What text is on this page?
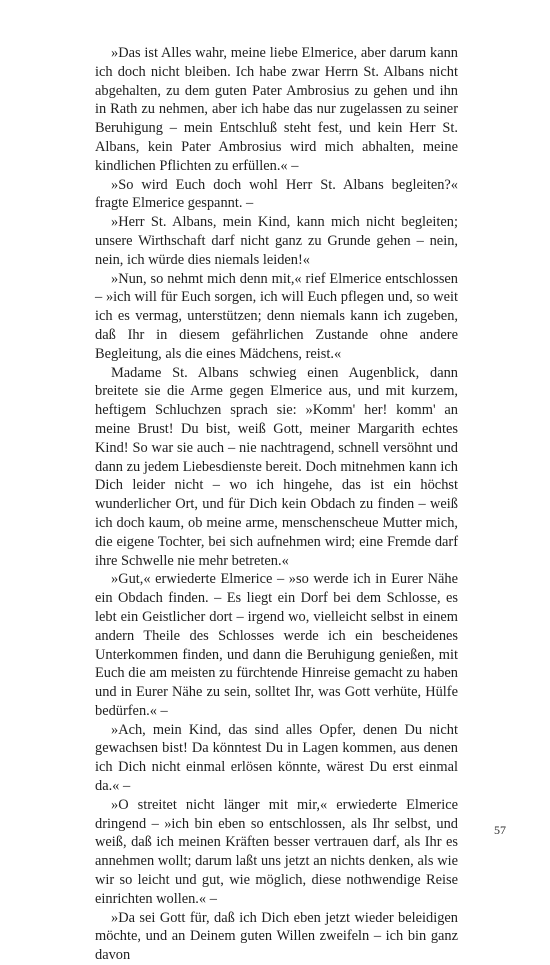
»Das ist Alles wahr, meine liebe Elmerice, aber darum kann ich doch nicht bleiben. Ich habe zwar Herrn St. Albans nicht abgehalten, zu dem guten Pater Ambrosius zu gehen und ihn in Rath zu nehmen, aber ich habe das nur zugelassen zu seiner Beruhigung – mein Entschluß steht fest, und kein Herr St. Albans, kein Pater Ambrosius wird mich abhalten, meine kindlichen Pflichten zu erfüllen.« –

»So wird Euch doch wohl Herr St. Albans begleiten?« fragte Elmerice gespannt. –

»Herr St. Albans, mein Kind, kann mich nicht begleiten; unsere Wirthschaft darf nicht ganz zu Grunde gehen – nein, nein, ich würde dies niemals leiden!«

»Nun, so nehmt mich denn mit,« rief Elmerice entschlossen – »ich will für Euch sorgen, ich will Euch pflegen und, so weit ich es vermag, unterstützen; denn niemals kann ich zugeben, daß Ihr in diesem gefährlichen Zustande ohne andere Begleitung, als die eines Mädchens, reist.«

Madame St. Albans schwieg einen Augenblick, dann breitete sie die Arme gegen Elmerice aus, und mit kurzem, heftigem Schluchzen sprach sie: »Komm' her! komm' an meine Brust! Du bist, weiß Gott, meiner Margarith echtes Kind! So war sie auch – nie nachtragend, schnell versöhnt und dann zu jedem Liebesdienste bereit. Doch mitnehmen kann ich Dich leider nicht – wo ich hingehe, das ist ein höchst wunderlicher Ort, und für Dich kein Obdach zu finden – weiß ich doch kaum, ob meine arme, menschenscheue Mutter mich, die eigene Tochter, bei sich aufnehmen wird; eine Fremde darf ihre Schwelle nie mehr betreten.«

»Gut,« erwiederte Elmerice – »so werde ich in Eurer Nähe ein Obdach finden. – Es liegt ein Dorf bei dem Schlosse, es lebt ein Geistlicher dort – irgend wo, vielleicht selbst in einem andern Theile des Schlosses werde ich ein bescheidenes Unterkommen finden, und dann die Beruhigung genießen, mit Euch die am meisten zu fürchtende Hinreise gemacht zu haben und in Eurer Nähe zu sein, solltet Ihr, was Gott verhüte, Hülfe bedürfen.« –

»Ach, mein Kind, das sind alles Opfer, denen Du nicht gewachsen bist! Da könntest Du in Lagen kommen, aus denen ich Dich nicht einmal erlösen könnte, wärest Du erst einmal da.« –

»O streitet nicht länger mit mir,« erwiederte Elmerice dringend – »ich bin eben so entschlossen, als Ihr selbst, und weiß, daß ich meinen Kräften besser vertrauen darf, als Ihr es annehmen wollt; darum laßt uns jetzt an nichts denken, als wie wir so leicht und gut, wie möglich, diese nothwendige Reise einrichten wollen.« –

»Da sei Gott für, daß ich Dich eben jetzt wieder beleidigen möchte, und an Deinem guten Willen zweifeln – ich bin ganz davon

57
